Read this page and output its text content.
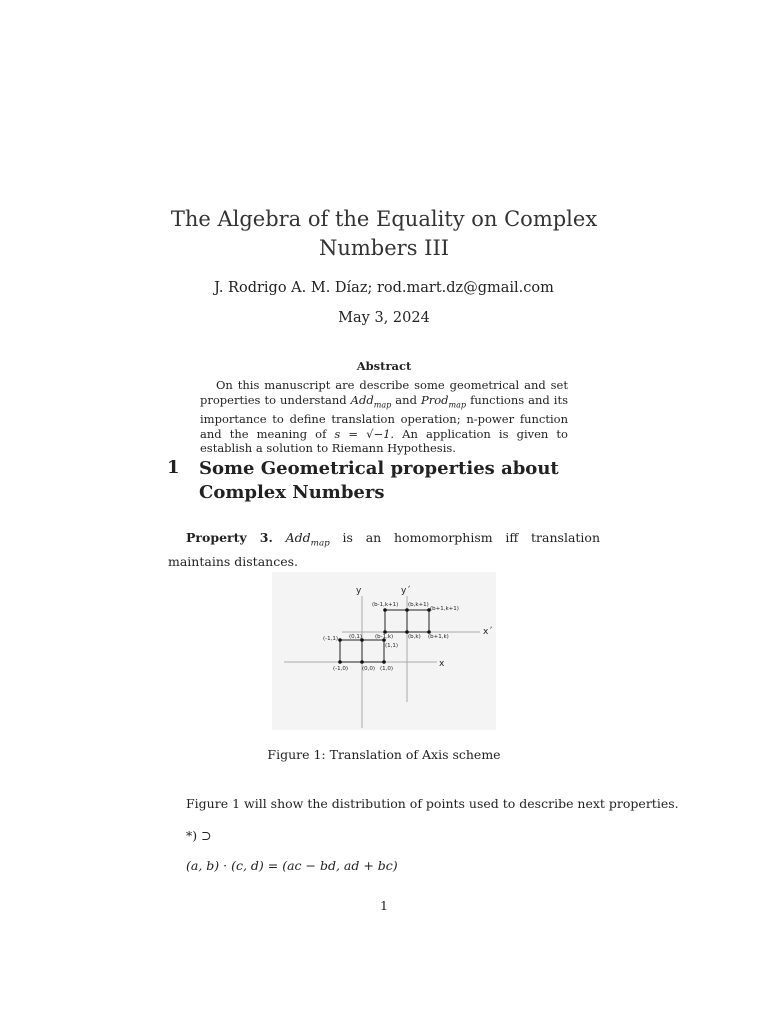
The Algebra of the Equality on Complex
Numbers III
J. Rodrigo A. M. Díaz; rod.mart.dz@gmail.com
May 3, 2024
Abstract
On this manuscript are describe some geometrical and set properties to understand Add$_{map}$ and Prod$_{map}$ functions and its importance to define translation operation; n-power function and the meaning of s = √−1. An application is given to establish a solution to Riemann Hypothesis.
1 Some Geometrical properties about Complex Numbers
Property 3. Add$_{map}$ is an homomorphism iff translation maintains distances.
y	y´
x´
x
(b-1,k+1) (b,k+1)
(b+1,k+1)
(-1,1) (0,1) (b-1,k)	(b,k) (b+1,k)
(1,1)
(-1,0)	(0,0) (1,0)
Figure 1: Translation of Axis scheme
Figure 1 will show the distribution of points used to describe next properties.
*) ⊃
(a, b) · (c, d) = (ac − bd, ad + bc)
1
